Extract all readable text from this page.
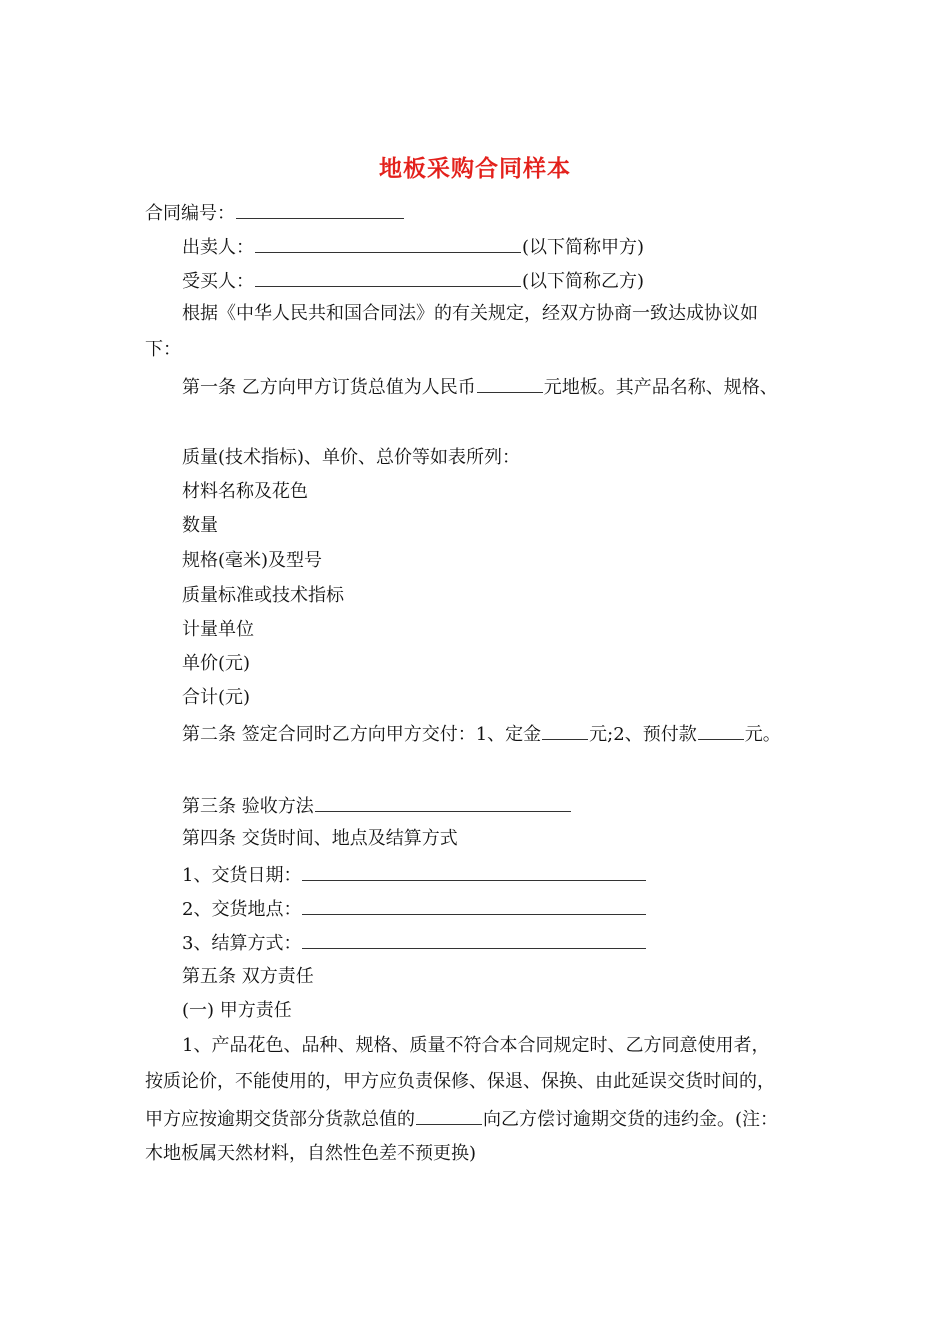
地板采购合同样本
合同编号：
出卖人：	(以下简称甲方)
受买人：	(以下简称乙方)
根据《中华人民共和国合同法》的有关规定，经双方协商一致达成协议如
下：
第一条 乙方向甲方订货总值为人民币	元地板。其产品名称、规格、
质量(技术指标)、单价、总价等如表所列：
材料名称及花色
数量
规格(毫米)及型号
质量标准或技术指标
计量单位
单价(元)
合计(元)
第二条 签定合同时乙方向甲方交付：1、定金	元;2、预付款	元。
第三条 验收方法
第四条 交货时间、地点及结算方式
1、交货日期：
2、交货地点：
3、结算方式：
第五条 双方责任
(一) 甲方责任
1、产品花色、品种、规格、质量不符合本合同规定时、乙方同意使用者，
按质论价，不能使用的，甲方应负责保修、保退、保换、由此延误交货时间的，
甲方应按逾期交货部分货款总值的	向乙方偿讨逾期交货的违约金。(注：
木地板属天然材料，自然性色差不预更换)
